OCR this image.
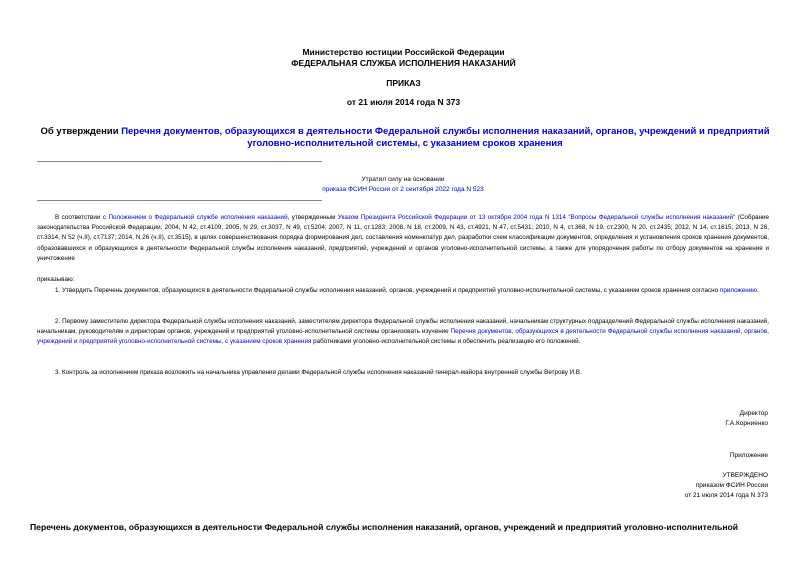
Министерство юстиции Российской Федерации
ФЕДЕРАЛЬНАЯ СЛУЖБА ИСПОЛНЕНИЯ НАКАЗАНИЙ
ПРИКАЗ
от 21 июля 2014 года N 373
Об утверждении Перечня документов, образующихся в деятельности Федеральной службы исполнения наказаний, органов, учреждений и предприятий уголовно-исполнительной системы, с указанием сроков хранения
Утратил силу на основании
приказа ФСИН России от 2 сентября 2022 года N 523
В соответствии с Положением о Федеральной службе исполнения наказаний, утвержденным Указом Президента Российской Федерации от 13 октября 2004 года N 1314 "Вопросы Федеральной службы исполнения наказаний" (Собрание законодательства Российской Федерации, 2004, N 42, ст.4109; 2005, N 29, ст.3037, N 49, ст.5204; 2007, N 11, ст.1283; 2008, N 18, ст.2009, N 43, ст.4921, N 47, ст.5431; 2010, N 4, ст.368, N 19, ст.2300, N 20, ст.2435; 2012, N 14, ст.1615; 2013, N 26, ст.3314, N 52 (ч.II), ст.7137; 2014, N 26 (ч.II), ст.3515), в целях совершенствования порядка формирования дел, составления номенклатур дел, разработки схем классификации документов, определения и установления сроков хранения документов, образовавшихся и образующихся в деятельности Федеральной службы исполнения наказаний, предприятий, учреждений и органов уголовно-исполнительной системы, а также для упорядочения работы по отбору документов на хранение и уничтожение
приказываю:
1. Утвердить Перечень документов, образующихся в деятельности Федеральной службы исполнения наказаний, органов, учреждений и предприятий уголовно-исполнительной системы, с указанием сроков хранения согласно приложению.
2. Первому заместителю директора Федеральной службы исполнения наказаний, заместителям директора Федеральной службы исполнения наказаний, начальникам структурных подразделений Федеральной службы исполнения наказаний, начальникам, руководителям и директорам органов, учреждений и предприятий уголовно-исполнительной системы организовать изучение Перечня документов, образующихся в деятельности Федеральной службы исполнения наказаний, органов, учреждений и предприятий уголовно-исполнительной системы, с указанием сроков хранения работниками уголовно-исполнительной системы и обеспечить реализацию его положений.
3. Контроль за исполнением приказа возложить на начальника управления делами Федеральной службы исполнения наказаний генерал-майора внутренней службы Ветрову И.В.
Директор
Г.А.Корниенко
Приложение
УТВЕРЖДЕНО
приказом ФСИН России
от 21 июля 2014 года N 373
Перечень документов, образующихся в деятельности Федеральной службы исполнения наказаний, органов, учреждений и предприятий уголовно-исполнительной
